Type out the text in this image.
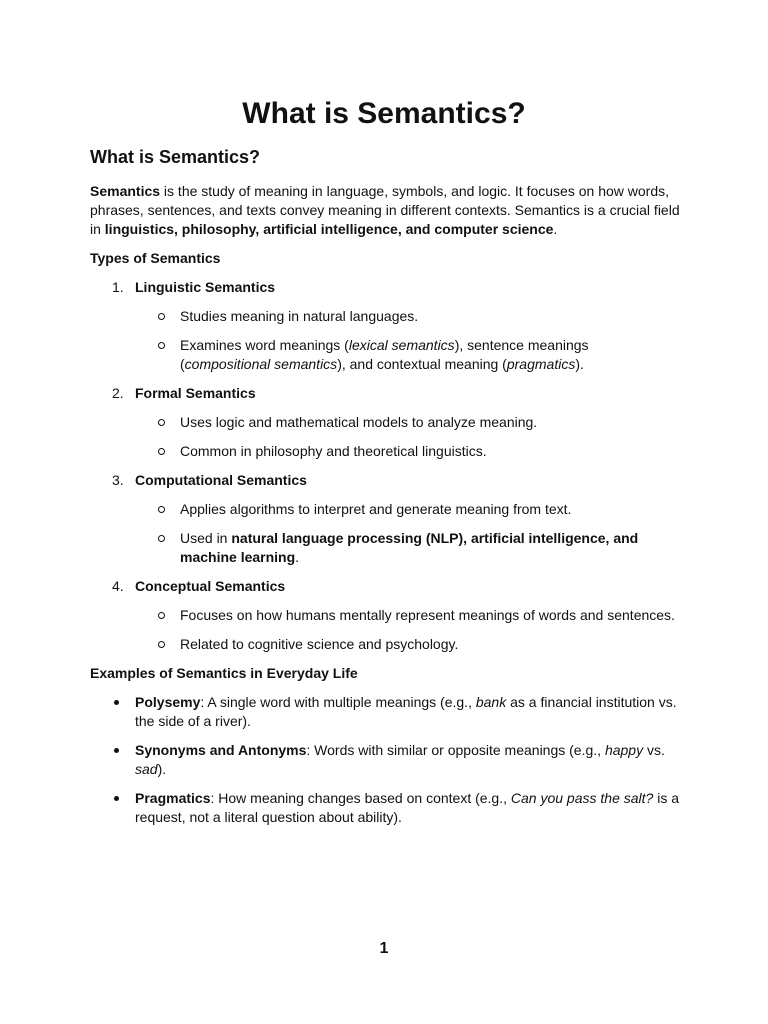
What is Semantics?
What is Semantics?

Semantics is the study of meaning in language, symbols, and logic. It focuses on how words, phrases, sentences, and texts convey meaning in different contexts. Semantics is a crucial field in linguistics, philosophy, artificial intelligence, and computer science.

Types of Semantics
1. Linguistic Semantics
Studies meaning in natural languages.
Examines word meanings (lexical semantics), sentence meanings (compositional semantics), and contextual meaning (pragmatics).
2. Formal Semantics
Uses logic and mathematical models to analyze meaning.
Common in philosophy and theoretical linguistics.
3. Computational Semantics
Applies algorithms to interpret and generate meaning from text.
Used in natural language processing (NLP), artificial intelligence, and machine learning.
4. Conceptual Semantics
Focuses on how humans mentally represent meanings of words and sentences.
Related to cognitive science and psychology.
Examples of Semantics in Everyday Life
Polysemy: A single word with multiple meanings (e.g., bank as a financial institution vs. the side of a river).
Synonyms and Antonyms: Words with similar or opposite meanings (e.g., happy vs. sad).
Pragmatics: How meaning changes based on context (e.g., Can you pass the salt? is a request, not a literal question about ability).
1
